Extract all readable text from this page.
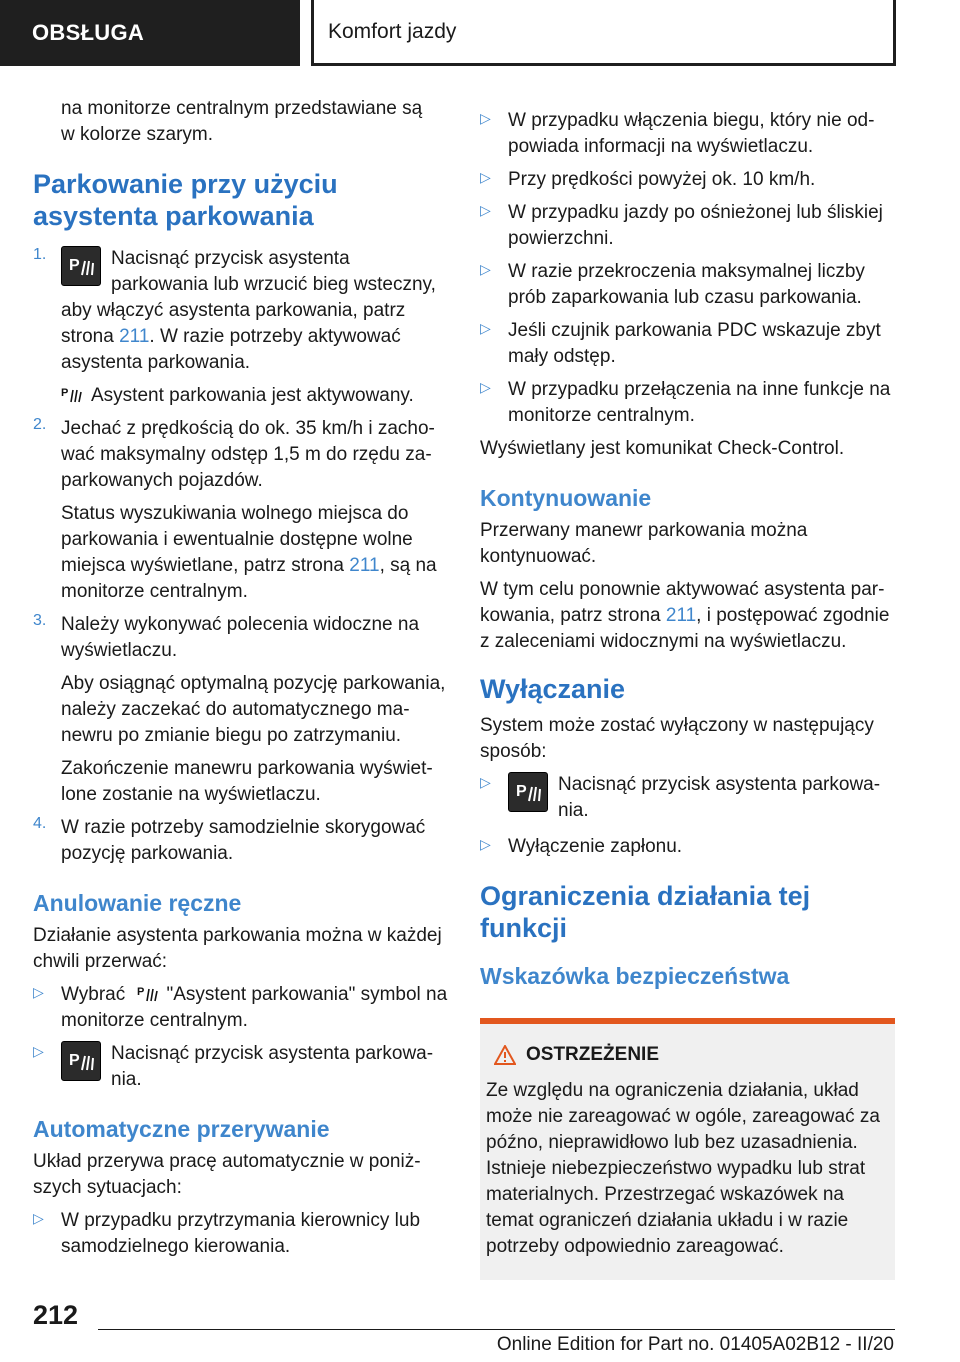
OBSŁUGA	Komfort jazdy

na monitorze centralnym przedstawiane są

w kolorze szarym.

Parkowanie przy użyciu asystenta parkowania
1.

P Nacisnąć przycisk asystenta parkowania lub wrzucić bieg wsteczny, aby włączyć asystenta parkowania, patrz strona 211. W razie potrzeby aktywować asystenta parkowania.

P Asystent parkowania jest aktywowany.

2. Jechać z prędkością do ok. 35 km/h i zachować maksymalny odstęp 1,5 m do rzędu zaparkowanych pojazdów.

Status wyszukiwania wolnego miejsca do parkowania i ewentualnie dostępne wolne miejsca wyświetlane, patrz strona 211, są na monitorze centralnym.

3. Należy wykonywać polecenia widoczne na wyświetlaczu.

Aby osiągnąć optymalną pozycję parkowania, należy zaczekać do automatycznego manewru po zmianie biegu po zatrzymaniu.

Zakończenie manewru parkowania wyświetlone zostanie na wyświetlaczu.

4. W razie potrzeby samodzielnie skorygować pozycję parkowania.

Anulowanie ręczne

Działanie asystenta parkowania można w każdej chwili przerwać:

▷ Wybrać P "Asystent parkowania" symbol na monitorze centralnym.

▷

P Nacisnąć przycisk asystenta parkowania.

Automatyczne przerywanie

Układ przerywa pracę automatycznie w poniższych sytuacjach:

▷ W przypadku przytrzymania kierownicy lub samodzielnego kierowania.

▷ W przypadku włączenia biegu, który nie odpowiada informacji na wyświetlaczu.

▷ Przy prędkości powyżej ok. 10 km/h.

▷ W przypadku jazdy po ośnieżonej lub śliskiej powierzchni.

▷ W razie przekroczenia maksymalnej liczby prób zaparkowania lub czasu parkowania.

▷ Jeśli czujnik parkowania PDC wskazuje zbyt mały odstęp.

▷ W przypadku przełączenia na inne funkcje na monitorze centralnym.

Wyświetlany jest komunikat Check-Control.

Kontynuowanie

Przerwany manewr parkowania można kontynuować.

W tym celu ponownie aktywować asystenta parkowania, patrz strona 211, i postępować zgodnie z zaleceniami widocznymi na wyświetlaczu.

Wyłączanie

System może zostać wyłączony w następujący sposób:

▷

P Nacisnąć przycisk asystenta parkowania.

▷ Wyłączenie zapłonu.

Ograniczenia działania tej funkcji
Wskazówka bezpieczeństwa
OSTRZEŻENIE

Ze względu na ograniczenia działania, układ może nie zareagować w ogóle, zareagować za późno, nieprawidłowo lub bez uzasadnienia. Istnieje niebezpieczeństwo wypadku lub strat materialnych. Przestrzegać wskazówek na temat ograniczeń działania układu i w razie potrzeby odpowiednio zareagować.

212
Online Edition for Part no. 01405A02B12 - II/20
